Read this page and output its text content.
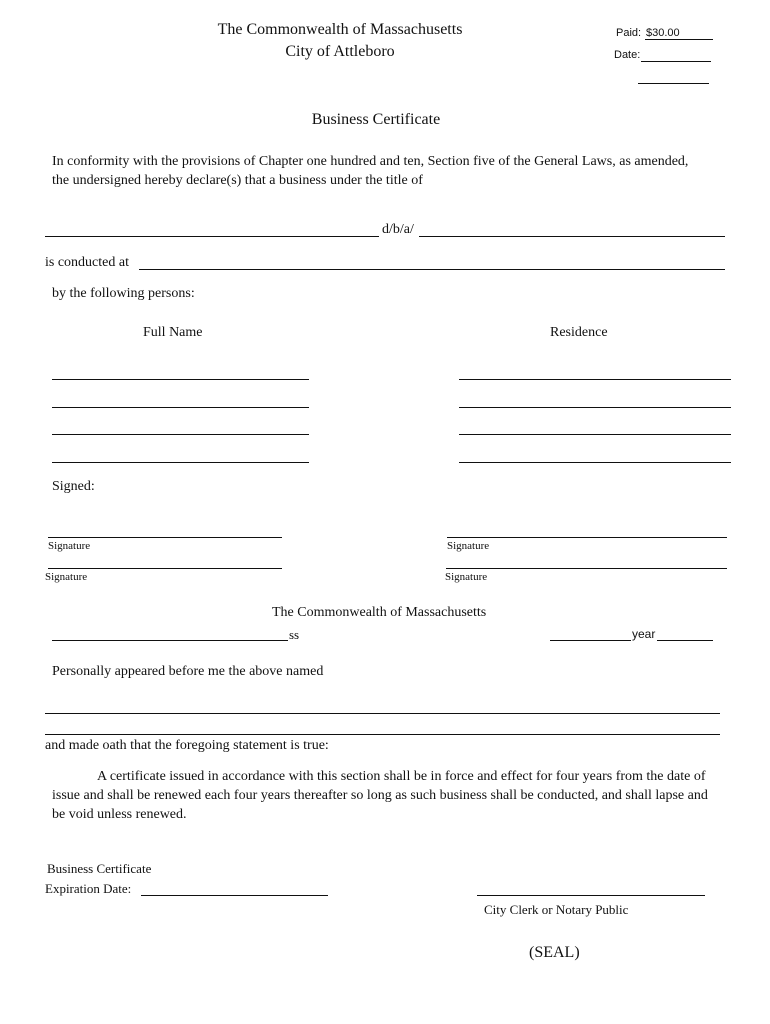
The Commonwealth of Massachusetts
City of Attleboro
Paid: $30.00
Date:
Business Certificate
In conformity with the provisions of Chapter one hundred and ten, Section five of the General Laws, as amended, the undersigned hereby declare(s) that a business under the title of
d/b/a/
is conducted at
by the following persons:
Full Name	Residence
Signed:
Signature	Signature
Signature	Signature
The Commonwealth of Massachusetts
ss	year
Personally appeared before me the above named
and made oath that the foregoing statement is true:
A certificate issued in accordance with this section shall be in force and effect for four years from the date of issue and shall be renewed each four years thereafter so long as such business shall be conducted, and shall lapse and be void unless renewed.
Business Certificate
Expiration Date:
City Clerk or Notary Public
(SEAL)
